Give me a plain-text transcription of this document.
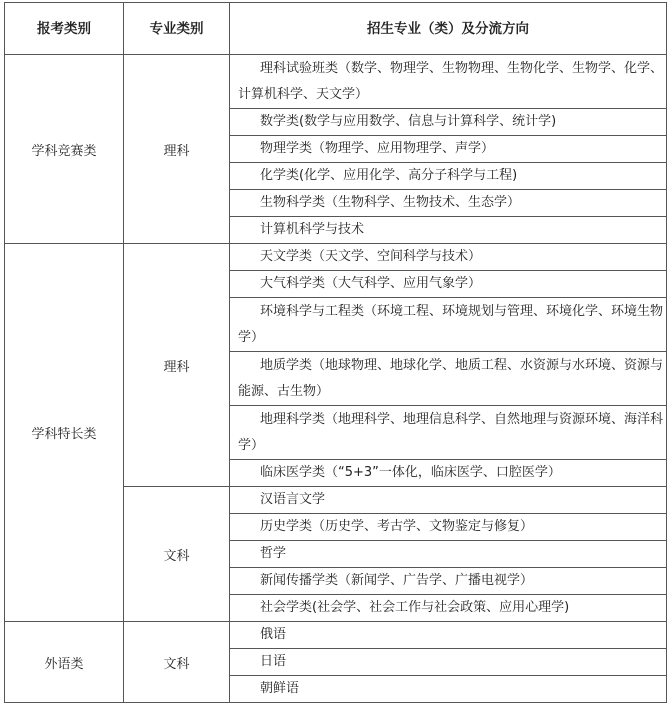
报考类别	专业类别	招生专业（类）及分流方向
学科竞赛类	理科	理科试验班类（数学、物理学、生物物理、生物化学、生物学、化学、计算机科学、天文学）
		数学类(数学与应用数学、信息与计算科学、统计学)
		物理学类（物理学、应用物理学、声学）
		化学类(化学、应用化学、高分子科学与工程)
		生物科学类（生物科学、生物技术、生态学）
		计算机科学与技术
学科特长类	理科	天文学类（天文学、空间科学与技术）
		大气科学类（大气科学、应用气象学）
		环境科学与工程类（环境工程、环境规划与管理、环境化学、环境生物学）
		地质学类（地球物理、地球化学、地质工程、水资源与水环境、资源与能源、古生物）
		地理科学类（地理科学、地理信息科学、自然地理与资源环境、海洋科学）
		临床医学类（“5+3”一体化，临床医学、口腔医学）
	文科	汉语言文学
		历史学类（历史学、考古学、文物鉴定与修复）
		哲学
		新闻传播学类（新闻学、广告学、广播电视学）
		社会学类(社会学、社会工作与社会政策、应用心理学)
外语类	文科	俄语
		日语
		朝鲜语
